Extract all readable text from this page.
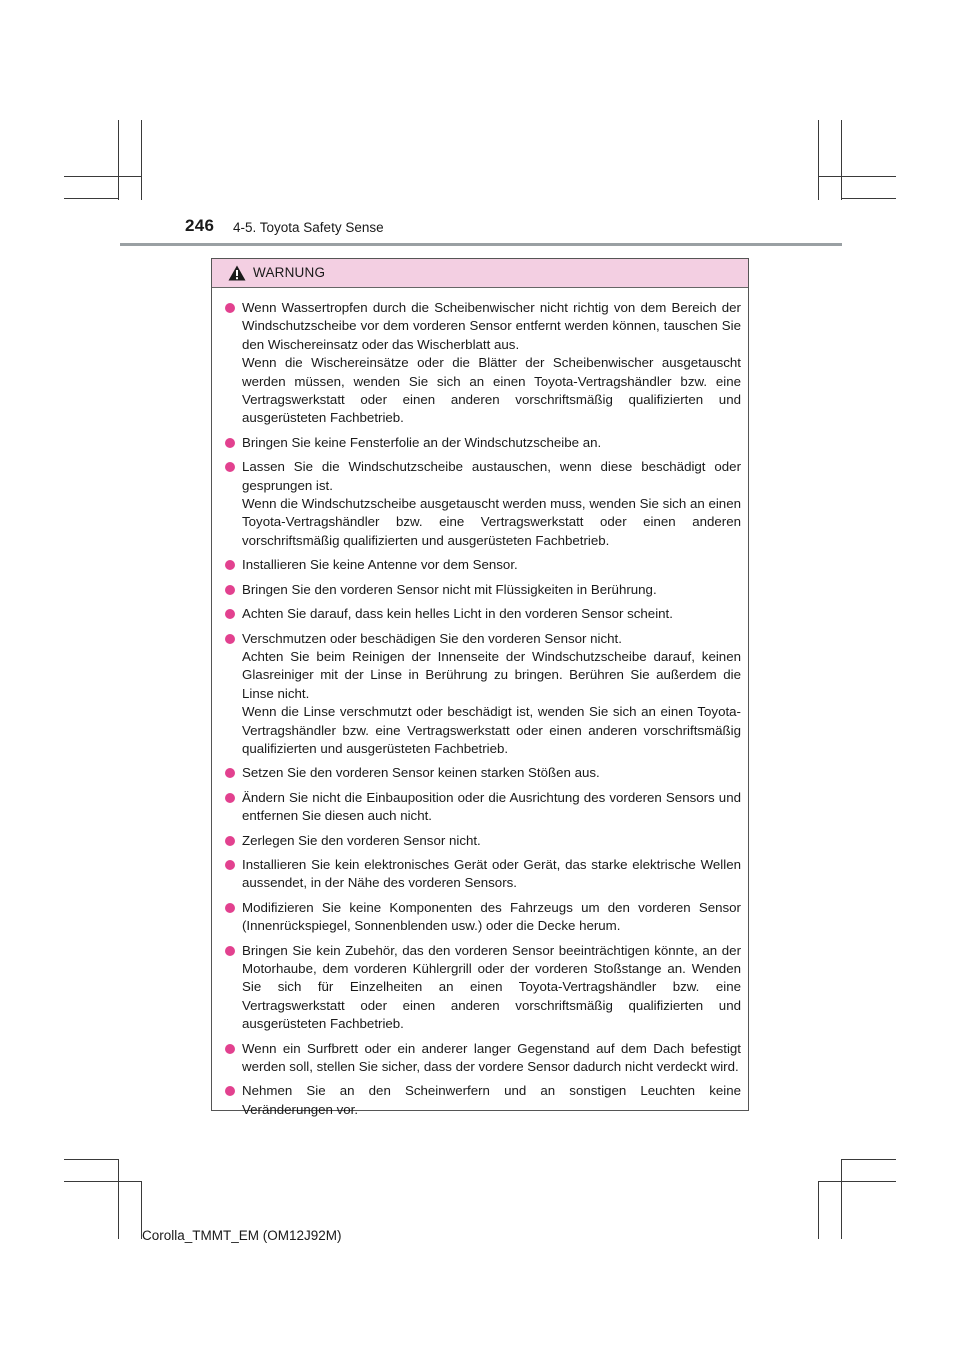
246 4-5. Toyota Safety Sense
WARNUNG
Wenn Wassertropfen durch die Scheibenwischer nicht richtig von dem Bereich der Windschutzscheibe vor dem vorderen Sensor entfernt werden können, tauschen Sie den Wischereinsatz oder das Wischerblatt aus.
Wenn die Wischereinsätze oder die Blätter der Scheibenwischer ausgetauscht werden müssen, wenden Sie sich an einen Toyota-Vertragshändler bzw. eine Vertragswerkstatt oder einen anderen vorschriftsmäßig qualifizierten und ausgerüsteten Fachbetrieb.
Bringen Sie keine Fensterfolie an der Windschutzscheibe an.
Lassen Sie die Windschutzscheibe austauschen, wenn diese beschädigt oder gesprungen ist.
Wenn die Windschutzscheibe ausgetauscht werden muss, wenden Sie sich an einen Toyota-Vertragshändler bzw. eine Vertragswerkstatt oder einen anderen vorschriftsmäßig qualifizierten und ausgerüsteten Fachbetrieb.
Installieren Sie keine Antenne vor dem Sensor.
Bringen Sie den vorderen Sensor nicht mit Flüssigkeiten in Berührung.
Achten Sie darauf, dass kein helles Licht in den vorderen Sensor scheint.
Verschmutzen oder beschädigen Sie den vorderen Sensor nicht.
Achten Sie beim Reinigen der Innenseite der Windschutzscheibe darauf, keinen Glasreiniger mit der Linse in Berührung zu bringen. Berühren Sie außerdem die Linse nicht.
Wenn die Linse verschmutzt oder beschädigt ist, wenden Sie sich an einen Toyota-Vertragshändler bzw. eine Vertragswerkstatt oder einen anderen vorschriftsmäßig qualifizierten und ausgerüsteten Fachbetrieb.
Setzen Sie den vorderen Sensor keinen starken Stößen aus.
Ändern Sie nicht die Einbauposition oder die Ausrichtung des vorderen Sensors und entfernen Sie diesen auch nicht.
Zerlegen Sie den vorderen Sensor nicht.
Installieren Sie kein elektronisches Gerät oder Gerät, das starke elektrische Wellen aussendet, in der Nähe des vorderen Sensors.
Modifizieren Sie keine Komponenten des Fahrzeugs um den vorderen Sensor (Innenrückspiegel, Sonnenblenden usw.) oder die Decke herum.
Bringen Sie kein Zubehör, das den vorderen Sensor beeinträchtigen könnte, an der Motorhaube, dem vorderen Kühlergrill oder der vorderen Stoßstange an. Wenden Sie sich für Einzelheiten an einen Toyota-Vertragshändler bzw. eine Vertragswerkstatt oder einen anderen vorschriftsmäßig qualifizierten und ausgerüsteten Fachbetrieb.
Wenn ein Surfbrett oder ein anderer langer Gegenstand auf dem Dach befestigt werden soll, stellen Sie sicher, dass der vordere Sensor dadurch nicht verdeckt wird.
Nehmen Sie an den Scheinwerfern und an sonstigen Leuchten keine Veränderungen vor.
Corolla_TMMT_EM (OM12J92M)
